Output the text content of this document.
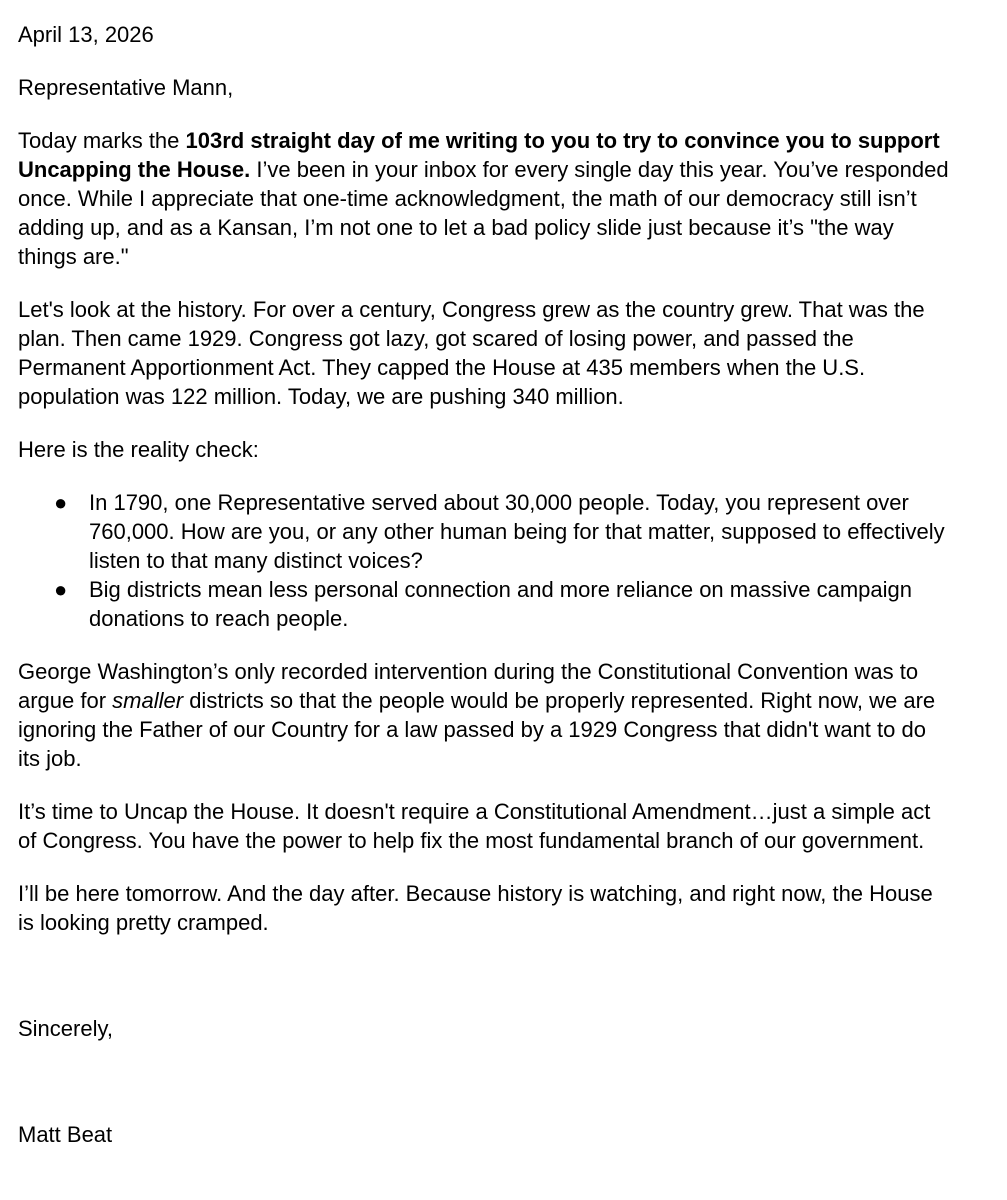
April 13, 2026

Representative Mann,

Today marks the 103rd straight day of me writing to you to try to convince you to support Uncapping the House. I’ve been in your inbox for every single day this year. You’ve responded once. While I appreciate that one-time acknowledgment, the math of our democracy still isn’t adding up, and as a Kansan, I’m not one to let a bad policy slide just because it’s "the way things are."

Let's look at the history. For over a century, Congress grew as the country grew. That was the plan. Then came 1929. Congress got lazy, got scared of losing power, and passed the Permanent Apportionment Act. They capped the House at 435 members when the U.S. population was 122 million. Today, we are pushing 340 million.

Here is the reality check:

● In 1790, one Representative served about 30,000 people. Today, you represent over 760,000. How are you, or any other human being for that matter, supposed to effectively listen to that many distinct voices?
● Big districts mean less personal connection and more reliance on massive campaign donations to reach people.

George Washington’s only recorded intervention during the Constitutional Convention was to argue for smaller districts so that the people would be properly represented. Right now, we are ignoring the Father of our Country for a law passed by a 1929 Congress that didn't want to do its job.

It’s time to Uncap the House. It doesn't require a Constitutional Amendment…just a simple act of Congress. You have the power to help fix the most fundamental branch of our government.

I’ll be here tomorrow. And the day after. Because history is watching, and right now, the House is looking pretty cramped.

Sincerely,

Matt Beat
